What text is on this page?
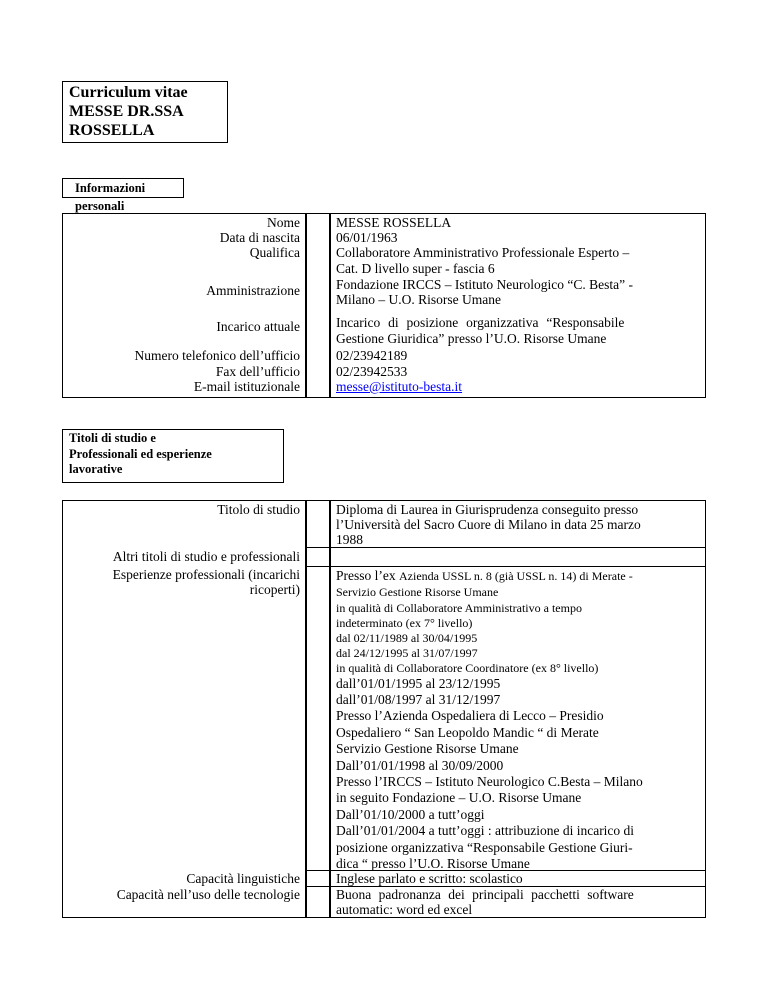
Curriculum vitae
MESSE DR.SSA
ROSSELLA
Informazioni personali
Nome
Data di nascita
Qualifica
Amministrazione
Incarico attuale
Numero telefonico dell’ufficio
Fax dell’ufficio
E-mail istituzionale
MESSE ROSSELLA
06/01/1963
Collaboratore Amministrativo Professionale Esperto –
Cat. D livello super - fascia 6
Fondazione IRCCS – Istituto Neurologico “C. Besta” -
Milano – U.O. Risorse Umane
Incarico di posizione organizzativa “Responsabile
Gestione Giuridica” presso l’U.O. Risorse Umane
02/23942189
02/23942533
messe@istituto-besta.it
Titoli di studio e
Professionali ed esperienze
lavorative
Titolo di studio
Altri titoli di studio e professionali
Esperienze professionali (incarichi
ricoperti)
Capacità linguistiche
Capacità nell’uso delle tecnologie
Diploma di Laurea in Giurisprudenza conseguito presso
l’Università del Sacro Cuore di Milano in data 25 marzo
1988
Presso l’ex Azienda USSL n. 8 (già USSL n. 14) di Merate -
Servizio Gestione Risorse Umane
in qualità di Collaboratore Amministrativo a tempo
indeterminato (ex 7° livello)
dal 02/11/1989 al 30/04/1995
dal 24/12/1995 al 31/07/1997
in qualità di Collaboratore Coordinatore (ex 8° livello)
dall’01/01/1995 al 23/12/1995
dall’01/08/1997 al 31/12/1997
Presso l’Azienda Ospedaliera di Lecco – Presidio
Ospedaliero “ San Leopoldo Mandic “ di Merate
Servizio Gestione Risorse Umane
Dall’01/01/1998 al 30/09/2000
Presso l’IRCCS – Istituto Neurologico C.Besta – Milano
in seguito Fondazione – U.O. Risorse Umane
Dall’01/10/2000 a tutt’oggi
Dall’01/01/2004 a tutt’oggi : attribuzione di incarico di
posizione organizzativa “Responsabile Gestione Giuri-
dica “ presso l’U.O. Risorse Umane
Inglese parlato e scritto: scolastico
Buona padronanza dei principali pacchetti software
automatic: word ed excel
